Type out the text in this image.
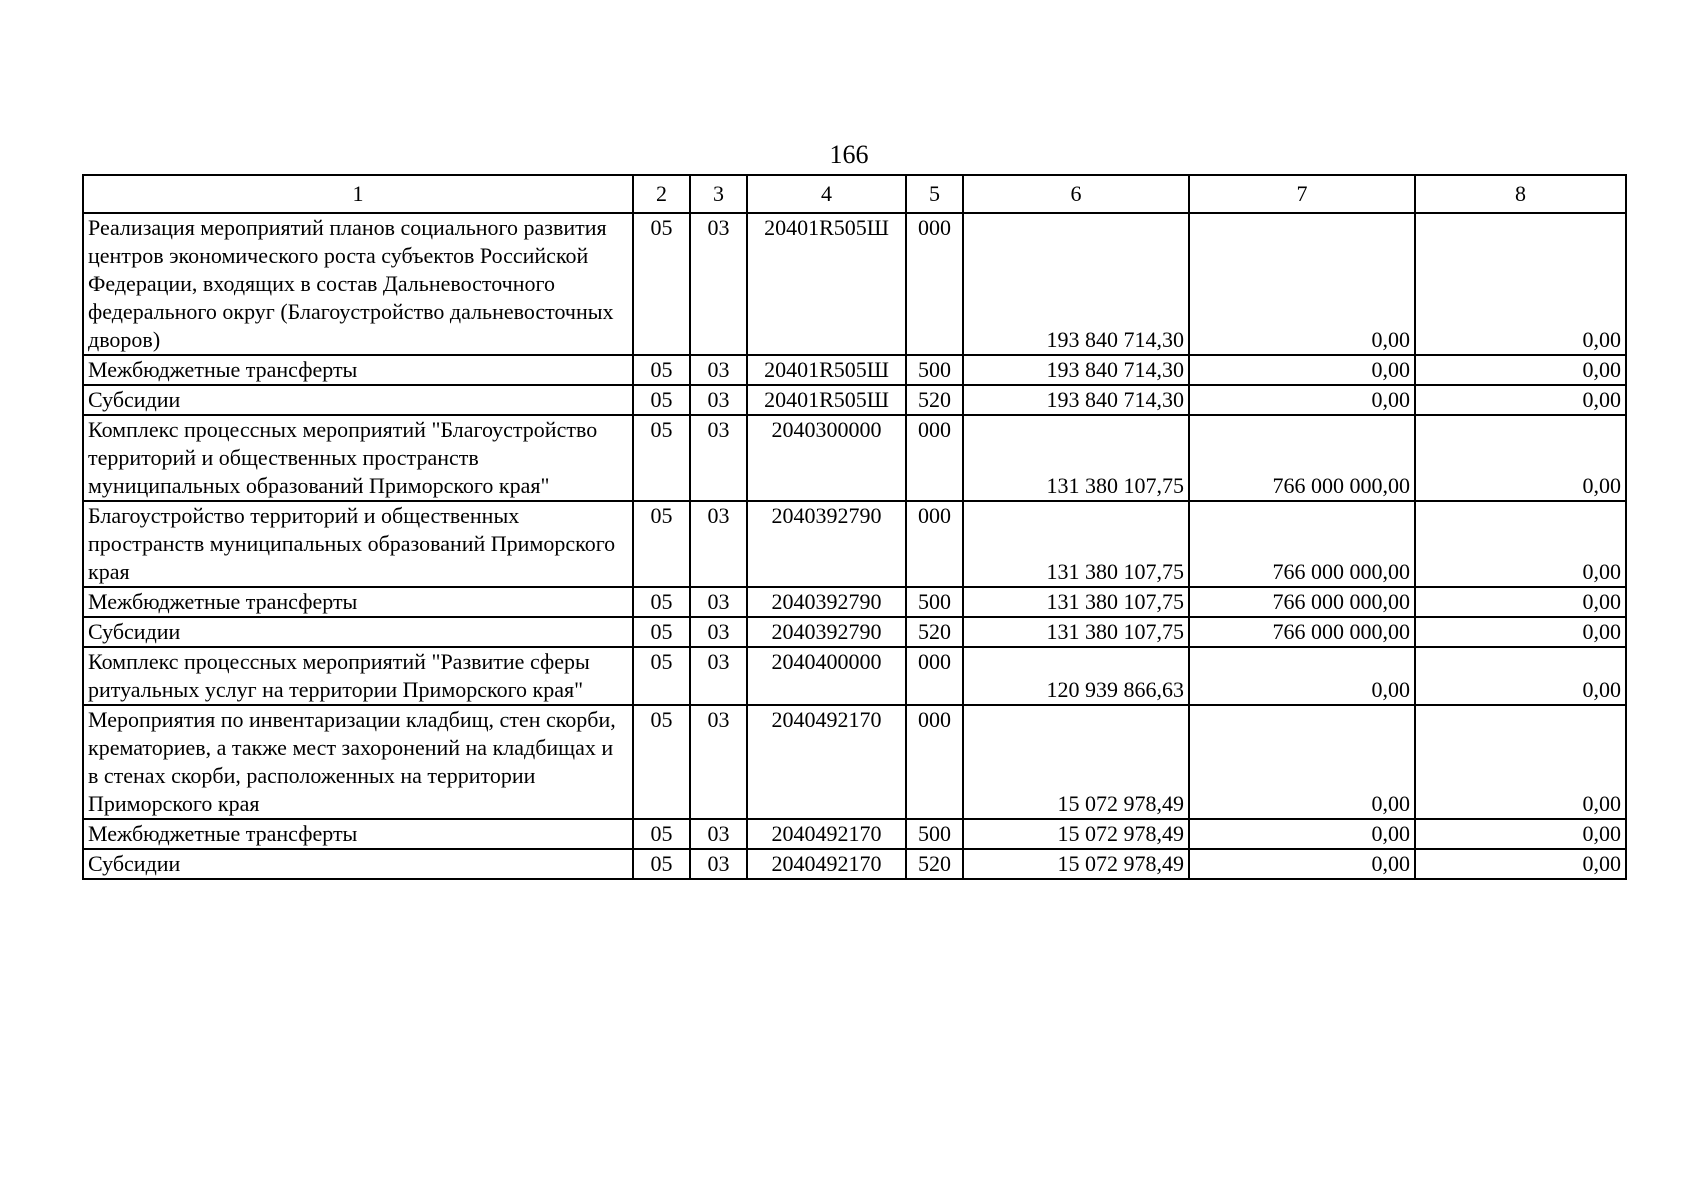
166
1	2	3	4	5	6	7	8
Реализация мероприятий планов социального развития центров экономического роста субъектов Российской Федерации, входящих в состав Дальневосточного федерального округ (Благоустройство дальневосточных дворов)	05	03	20401R505Ш	000	193 840 714,30	0,00	0,00
Межбюджетные трансферты	05	03	20401R505Ш	500	193 840 714,30	0,00	0,00
Субсидии	05	03	20401R505Ш	520	193 840 714,30	0,00	0,00
Комплекс процессных мероприятий "Благоустройство территорий и общественных пространств муниципальных образований Приморского края"	05	03	2040300000	000	131 380 107,75	766 000 000,00	0,00
Благоустройство территорий и общественных пространств муниципальных образований Приморского края	05	03	2040392790	000	131 380 107,75	766 000 000,00	0,00
Межбюджетные трансферты	05	03	2040392790	500	131 380 107,75	766 000 000,00	0,00
Субсидии	05	03	2040392790	520	131 380 107,75	766 000 000,00	0,00
Комплекс процессных мероприятий "Развитие сферы ритуальных услуг на территории Приморского края"	05	03	2040400000	000	120 939 866,63	0,00	0,00
Мероприятия по инвентаризации кладбищ, стен скорби, крематориев, а также мест захоронений на кладбищах и в стенах скорби, расположенных на территории Приморского края	05	03	2040492170	000	15 072 978,49	0,00	0,00
Межбюджетные трансферты	05	03	2040492170	500	15 072 978,49	0,00	0,00
Субсидии	05	03	2040492170	520	15 072 978,49	0,00	0,00
